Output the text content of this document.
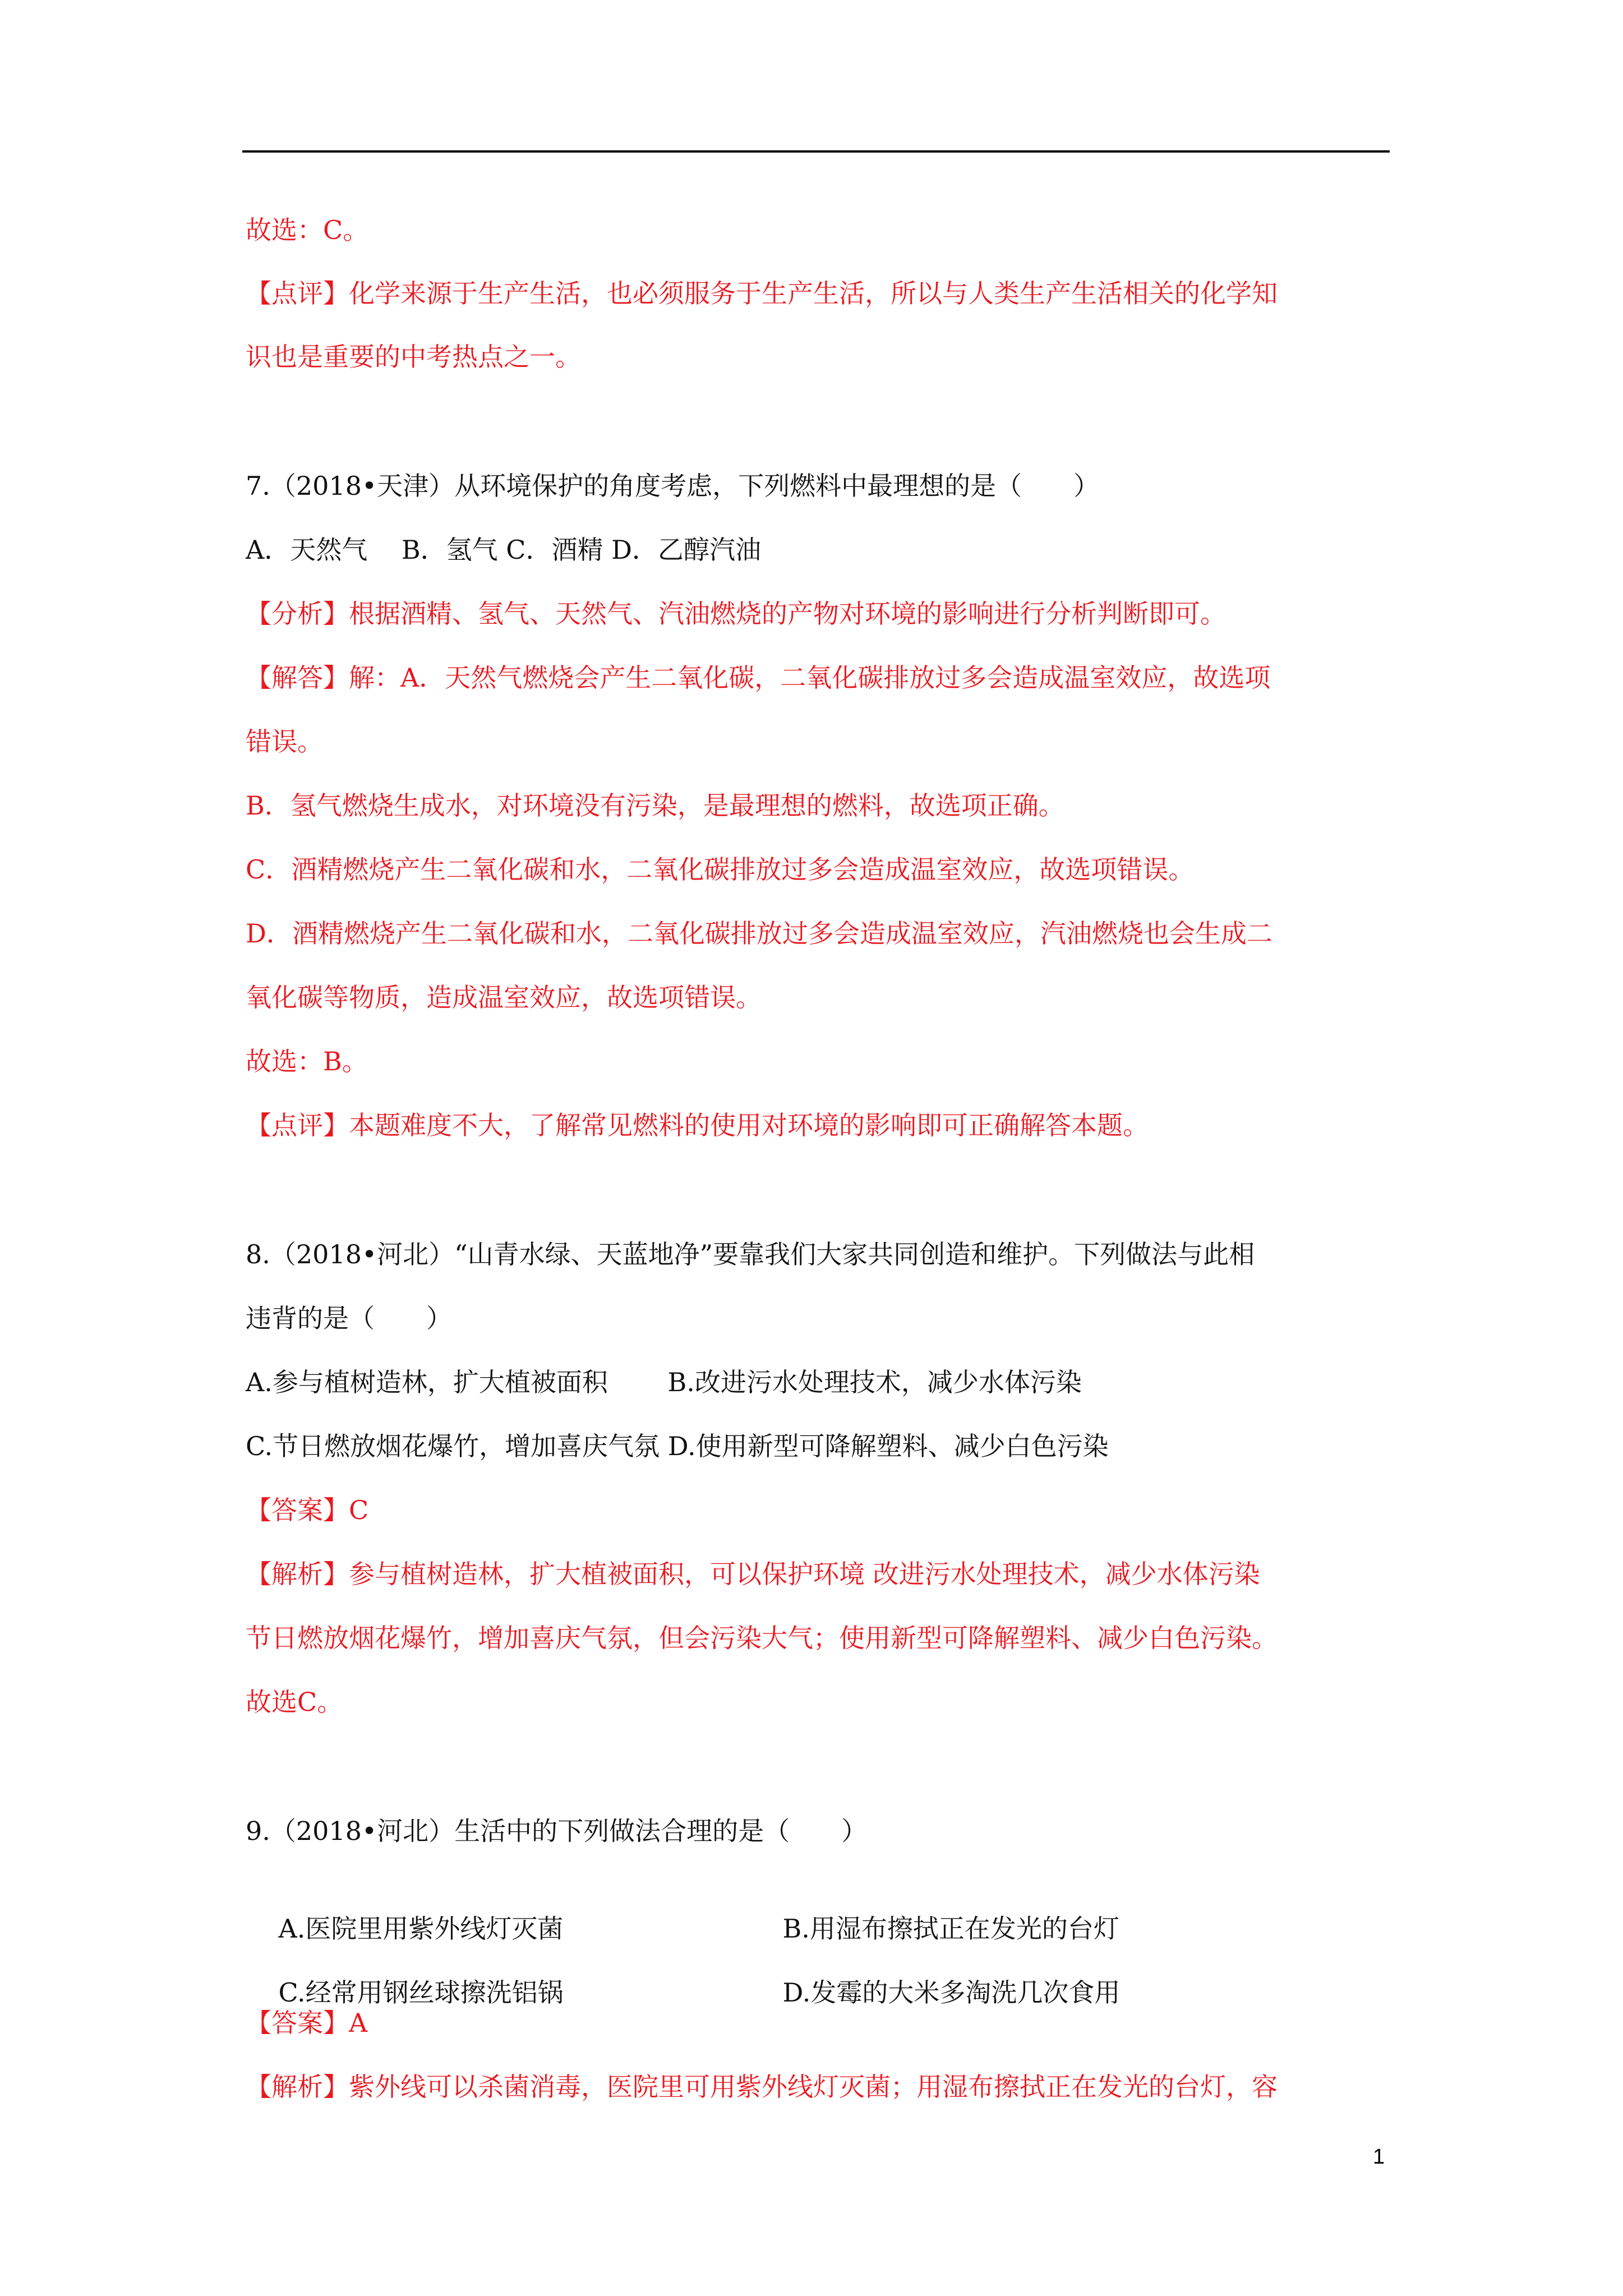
故选：C。
【点评】化学来源于生产生活，也必须服务于生产生活，所以与人类生产生活相关的化学知
识也是重要的中考热点之一。
7.（2018•天津）从环境保护的角度考虑，下列燃料中最理想的是（　　）
A．天然气　 B．氢气 C．酒精 D．乙醇汽油
【分析】根据酒精、氢气、天然气、汽油燃烧的产物对环境的影响进行分析判断即可。
【解答】解：A．天然气燃烧会产生二氧化碳，二氧化碳排放过多会造成温室效应，故选项
错误。
B．氢气燃烧生成水，对环境没有污染，是最理想的燃料，故选项正确。
C．酒精燃烧产生二氧化碳和水，二氧化碳排放过多会造成温室效应，故选项错误。
D．酒精燃烧产生二氧化碳和水，二氧化碳排放过多会造成温室效应，汽油燃烧也会生成二
氧化碳等物质，造成温室效应，故选项错误。
故选：B。
【点评】本题难度不大，了解常见燃料的使用对环境的影响即可正确解答本题。
8.（2018•河北）“山青水绿、天蓝地净”要靠我们大家共同创造和维护。下列做法与此相
违背的是（　　）
A.参与植树造林，扩大植被面积　　 B.改进污水处理技术，减少水体污染
C.节日燃放烟花爆竹，增加喜庆气氛 D.使用新型可降解塑料、减少白色污染
【答案】C
【解析】参与植树造林，扩大植被面积，可以保护环境 改进污水处理技术，减少水体污染
节日燃放烟花爆竹，增加喜庆气氛，但会污染大气；使用新型可降解塑料、减少白色污染。
故选C。
9.（2018•河北）生活中的下列做法合理的是（　　）

A.医院里用紫外线灯灭菌
	B.用湿布擦拭正在发光的台灯

C.经常用钢丝球擦洗铝锅
	D.发霉的大米多淘洗几次食用

【答案】A
【解析】紫外线可以杀菌消毒，医院里可用紫外线灯灭菌；用湿布擦拭正在发光的台灯，容
1
